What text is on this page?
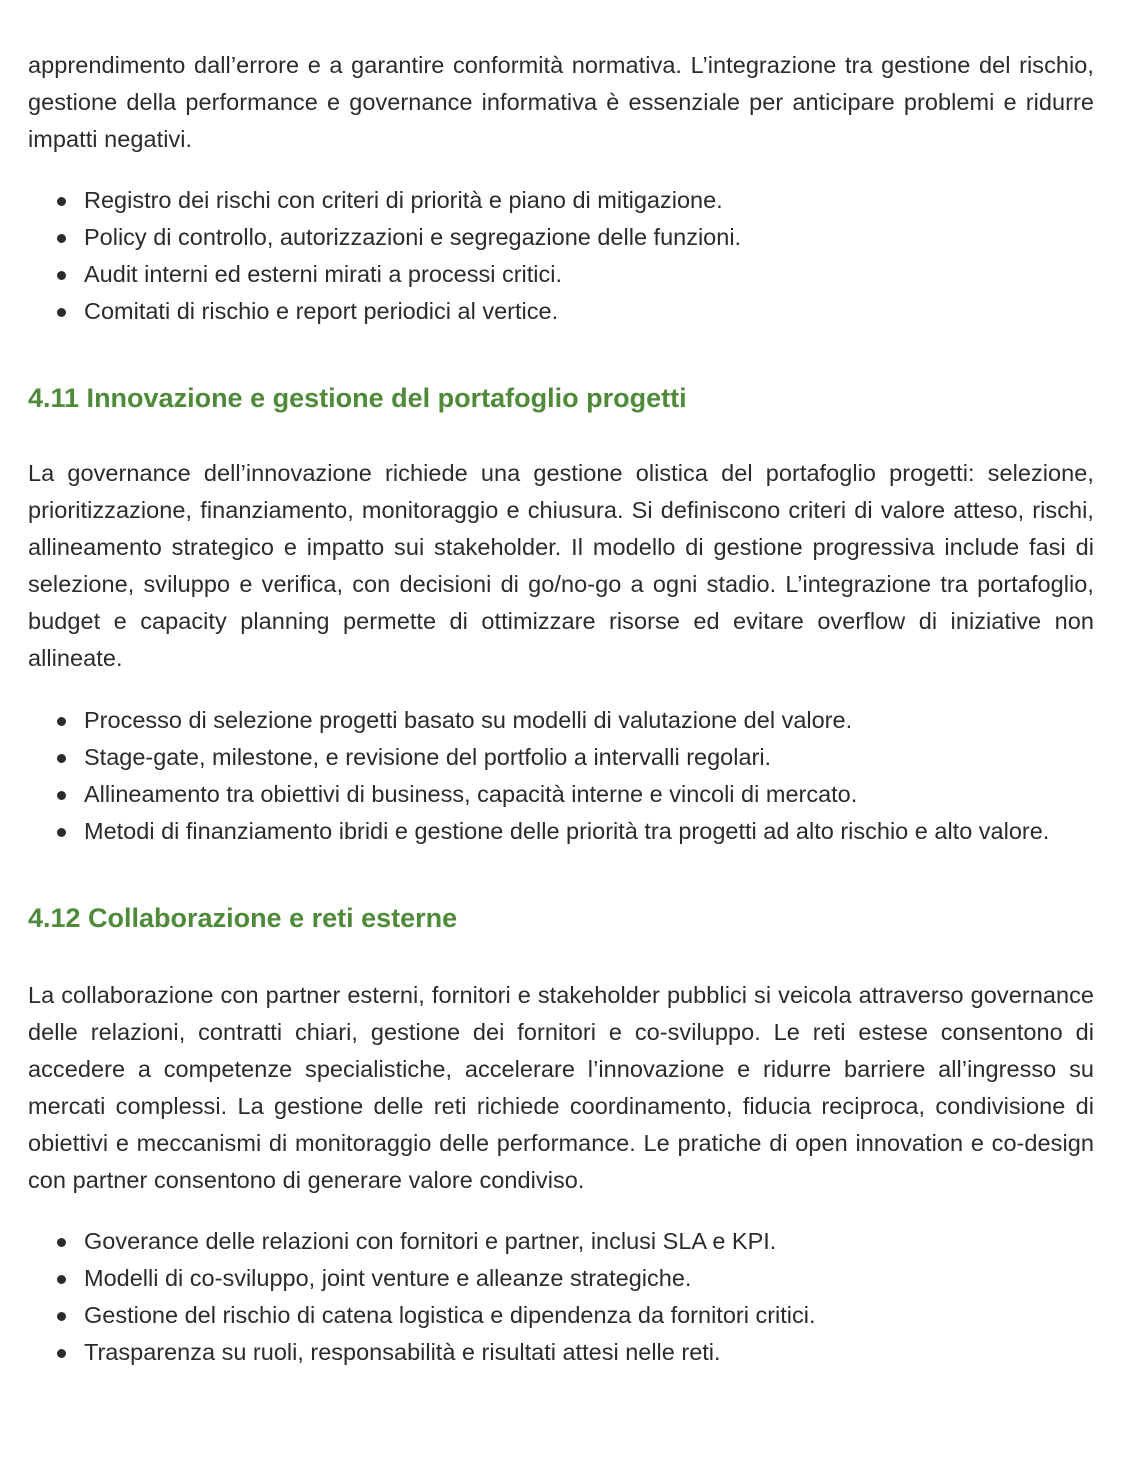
apprendimento dall’errore e a garantire conformità normativa. L’integrazione tra gestione del rischio, gestione della performance e governance informativa è essenziale per anticipare problemi e ridurre impatti negativi.

Registro dei rischi con criteri di priorità e piano di mitigazione.
Policy di controllo, autorizzazioni e segregazione delle funzioni.
Audit interni ed esterni mirati a processi critici.
Comitati di rischio e report periodici al vertice.
4.11 Innovazione e gestione del portafoglio progetti

La governance dell’innovazione richiede una gestione olistica del portafoglio progetti: selezione, prioritizzazione, finanziamento, monitoraggio e chiusura. Si definiscono criteri di valore atteso, rischi, allineamento strategico e impatto sui stakeholder. Il modello di gestione progressiva include fasi di selezione, sviluppo e verifica, con decisioni di go/no-go a ogni stadio. L’integrazione tra portafoglio, budget e capacity planning permette di ottimizzare risorse ed evitare overflow di iniziative non allineate.

Processo di selezione progetti basato su modelli di valutazione del valore.
Stage-gate, milestone, e revisione del portfolio a intervalli regolari.
Allineamento tra obiettivi di business, capacità interne e vincoli di mercato.
Metodi di finanziamento ibridi e gestione delle priorità tra progetti ad alto rischio e alto valore.
4.12 Collaborazione e reti esterne

La collaborazione con partner esterni, fornitori e stakeholder pubblici si veicola attraverso governance delle relazioni, contratti chiari, gestione dei fornitori e co-sviluppo. Le reti estese consentono di accedere a competenze specialistiche, accelerare l’innovazione e ridurre barriere all’ingresso su mercati complessi. La gestione delle reti richiede coordinamento, fiducia reciproca, condivisione di obiettivi e meccanismi di monitoraggio delle performance. Le pratiche di open innovation e co-design con partner consentono di generare valore condiviso.

Goverance delle relazioni con fornitori e partner, inclusi SLA e KPI.
Modelli di co-sviluppo, joint venture e alleanze strategiche.
Gestione del rischio di catena logistica e dipendenza da fornitori critici.
Trasparenza su ruoli, responsabilità e risultati attesi nelle reti.
